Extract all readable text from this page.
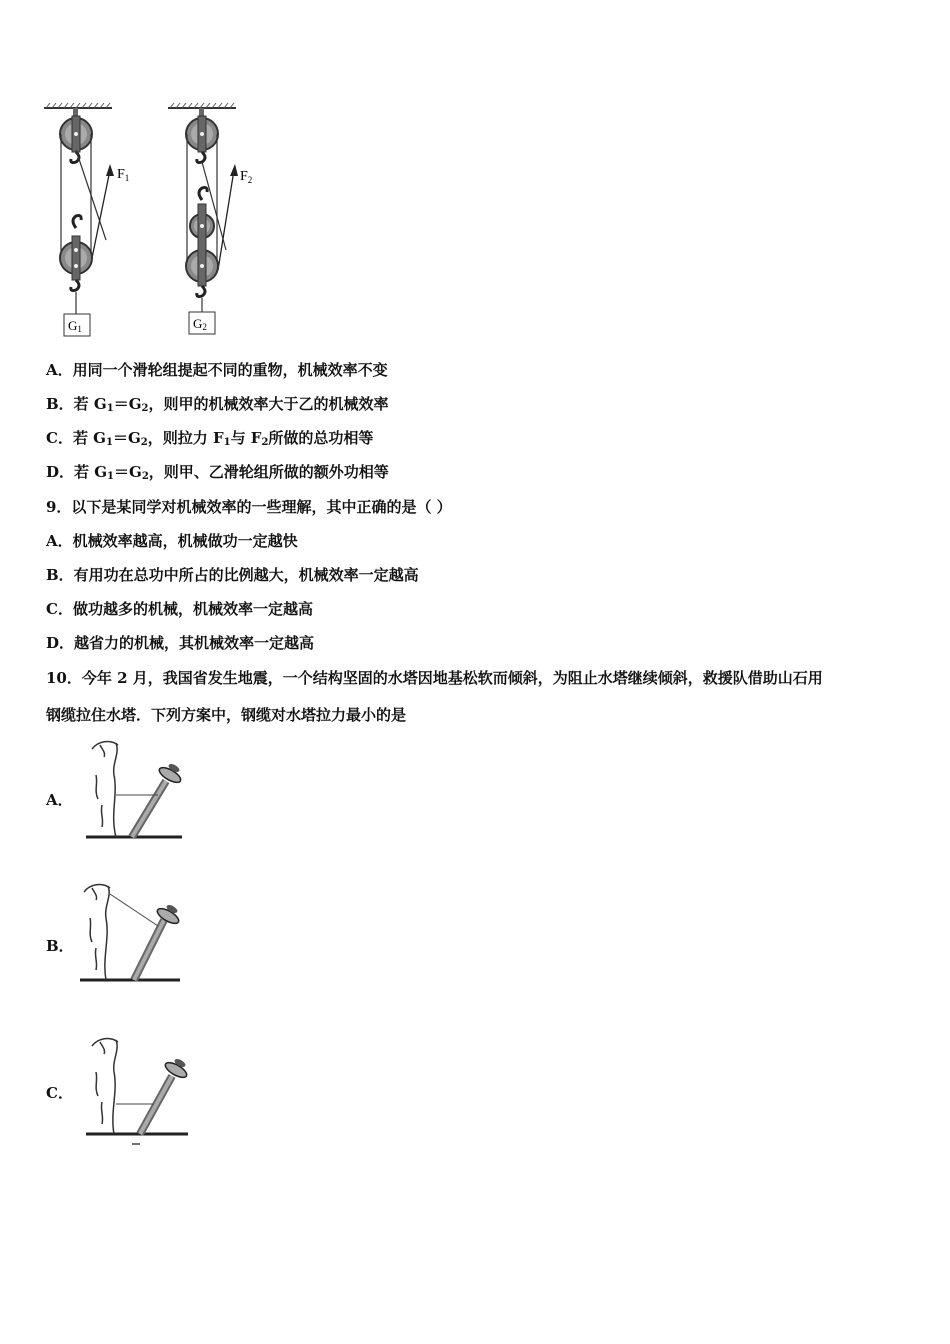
$F_1$
G1
$F_2$
G2
A．用同一个滑轮组提起不同的重物，机械效率不变
B．若 $G_1=G_2$，则甲的机械效率大于乙的机械效率
C．若 $G_1=G_2$，则拉力 $F_1$与 $F_2$所做的总功相等
D．若 $G_1=G_2$，则甲、乙滑轮组所做的额外功相等
9．以下是某同学对机械效率的一些理解，其中正确的是（ ）
A．机械效率越高，机械做功一定越快
B．有用功在总功中所占的比例越大，机械效率一定越高
C．做功越多的机械，机械效率一定越高
D．越省力的机械，其机械效率一定越高
10．今年 2 月，我国省发生地震，一个结构坚固的水塔因地基松软而倾斜，为阻止水塔继续倾斜，救援队借助山石用
钢缆拉住水塔．下列方案中，钢缆对水塔拉力最小的是
A．
B．
C．
